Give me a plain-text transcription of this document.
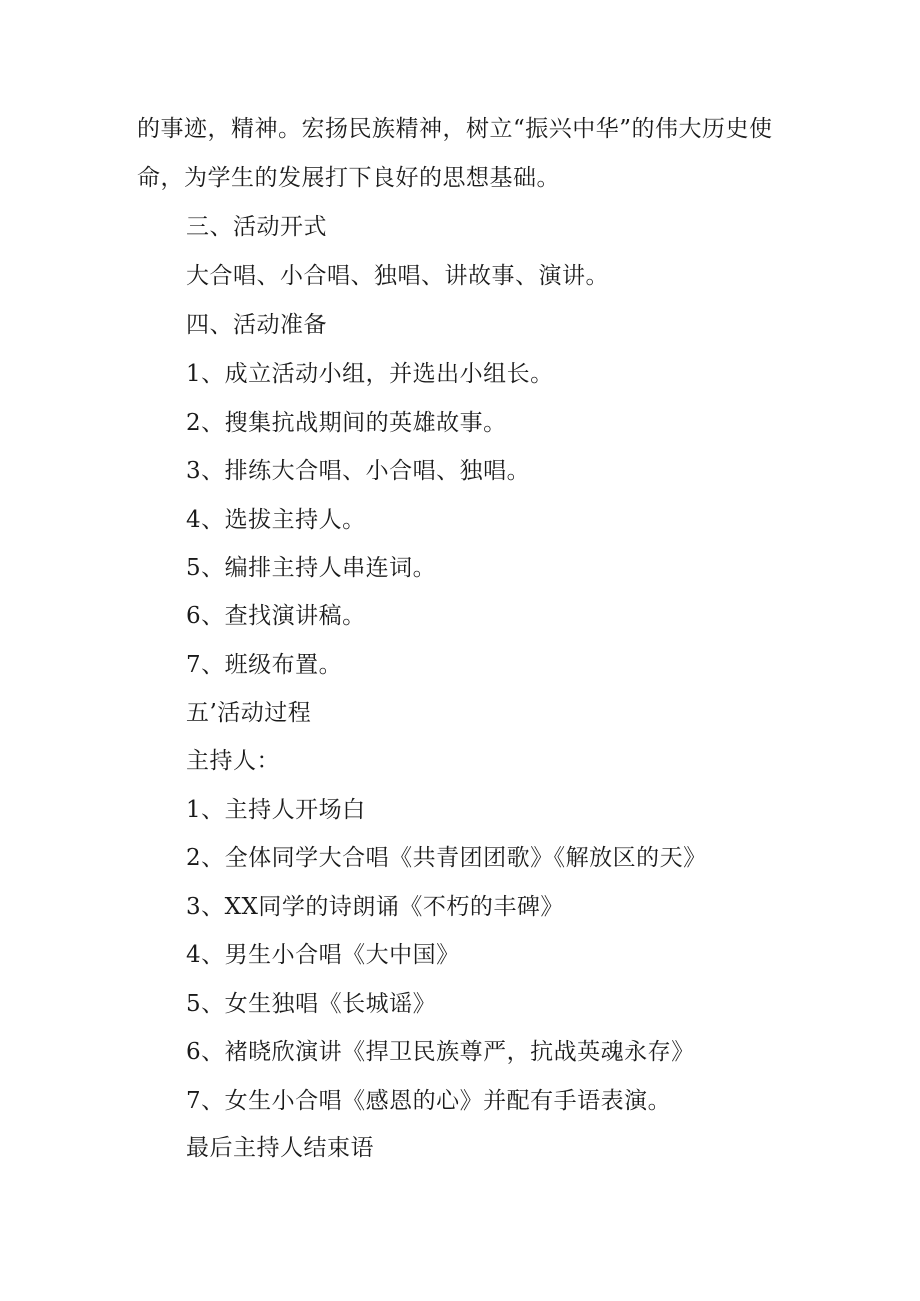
的事迹，精神。宏扬民族精神，树立“振兴中华”的伟大历史使
命，为学生的发展打下良好的思想基础。
三、活动开式
大合唱、小合唱、独唱、讲故事、演讲。
四、活动准备
1、成立活动小组，并选出小组长。
2、搜集抗战期间的英雄故事。
3、排练大合唱、小合唱、独唱。
4、选拔主持人。
5、编排主持人串连词。
6、查找演讲稿。
7、班级布置。
五’活动过程
主持人：
1、主持人开场白
2、全体同学大合唱《共青团团歌》《解放区的天》
3、XX同学的诗朗诵《不朽的丰碑》
4、男生小合唱《大中国》
5、女生独唱《长城谣》
6、褚晓欣演讲《捍卫民族尊严，抗战英魂永存》
7、女生小合唱《感恩的心》并配有手语表演。
最后主持人结束语
